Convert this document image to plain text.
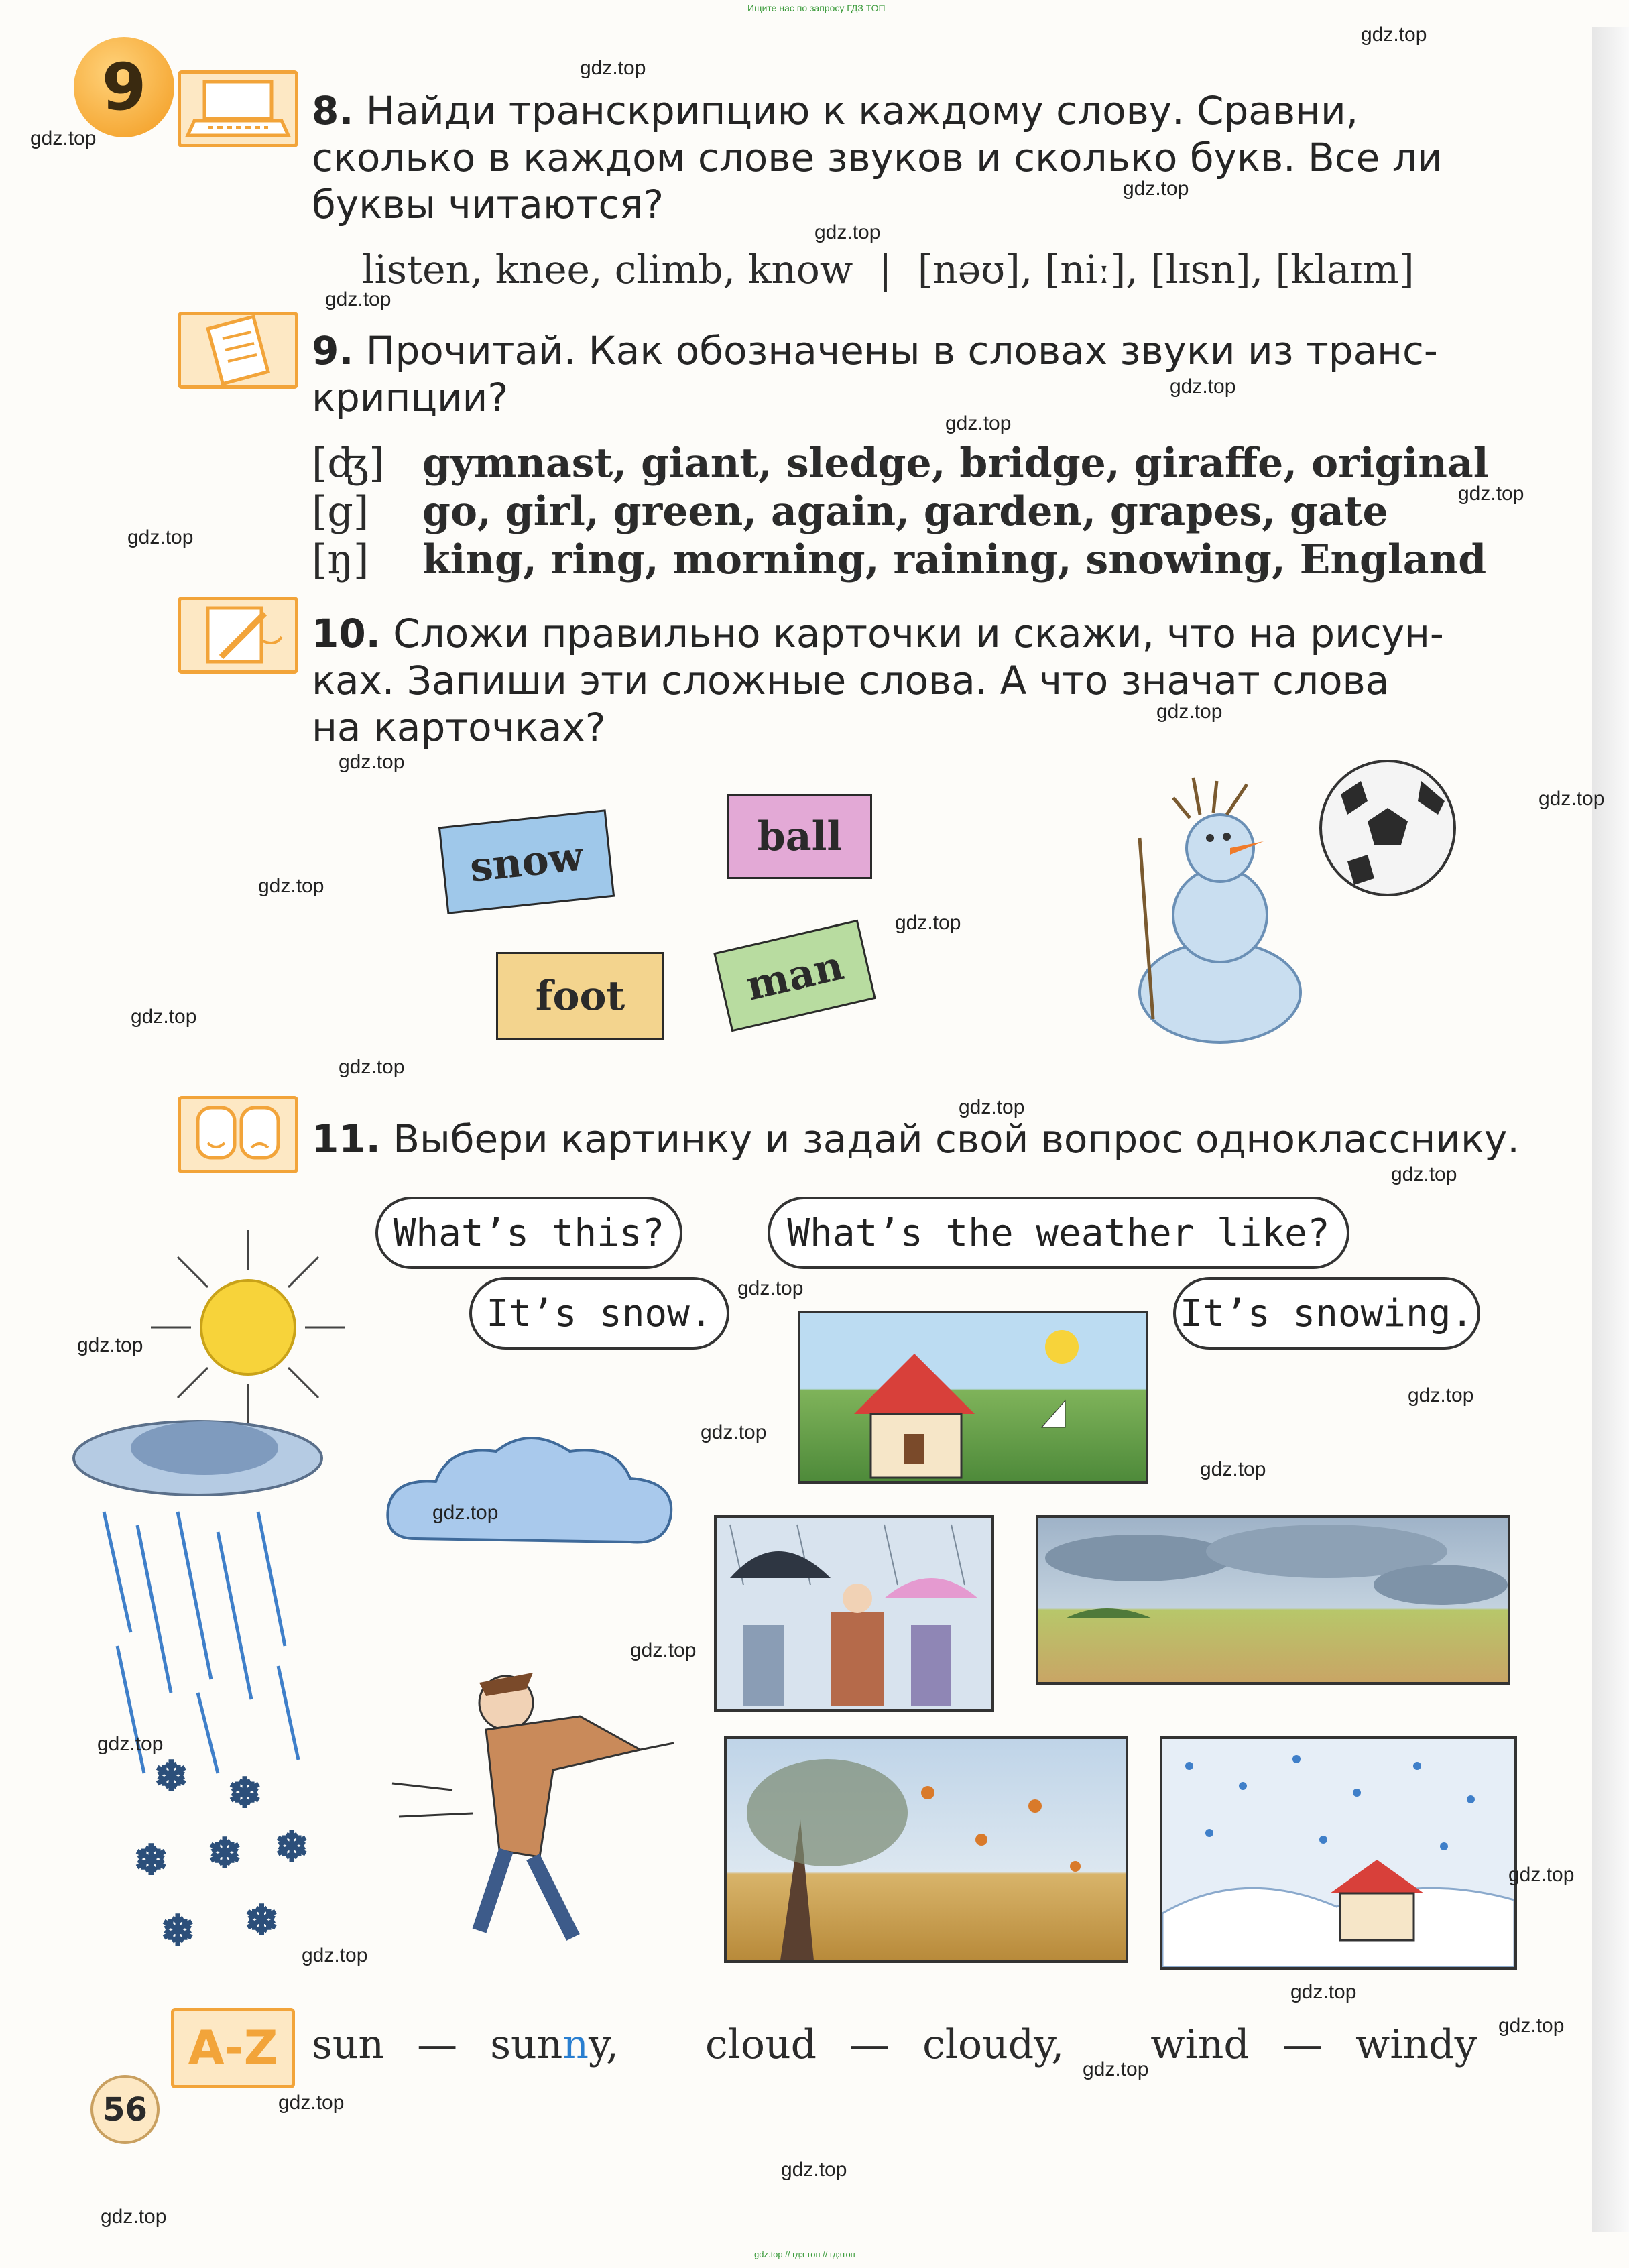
Ищите нас по запросу ГДЗ ТОП
9	8. Найди транскрипцию к каждому слову. Сравни,
сколько в каждом слове звуков и сколько букв. Все ли
буквы читаются?
listen, knee, climb, know | [nəʊ], [niː], [lɪsn], [klaɪm]
9. Прочитай. Как обозначены в словах звуки из транс-
крипции?
[ʤ] gymnast, giant, sledge, bridge, giraffe, original
[g]	go, girl, green, again, garden, grapes, gate
[ŋ]	king, ring, morning, raining, snowing, England
10. Сложи правильно карточки и скажи, что на рисун-
ках. Запиши эти сложные слова. А что значат слова
на карточках?
snow	ball
foot	man
11. Выбери картинку и задай свой вопрос однокласснику.
What’s this?	What’s the weather like?
It’s snow.	It’s snowing.
❄ ❄
❄ ❄ ❄
❄ ❄
A-Z sun — sunny, cloud — cloudy, wind — windy
56
gdz.top
gdz.top
gdz.top
gdz.top
gdz.top
gdz.top
gdz.top
gdz.top
gdz.top
gdz.top
gdz.top
gdz.top
gdz.top
gdz.top
gdz.top
gdz.top
gdz.top
gdz.top
gdz.top
gdz.top
gdz.top
gdz.top
gdz.top
gdz.top
gdz.top
gdz.top
gdz.top
gdz.top
gdz.top
gdz.top
gdz.top
gdz.top
gdz.top
gdz.top
gdz.top
gdz.top // гдз топ // гдзтоп
